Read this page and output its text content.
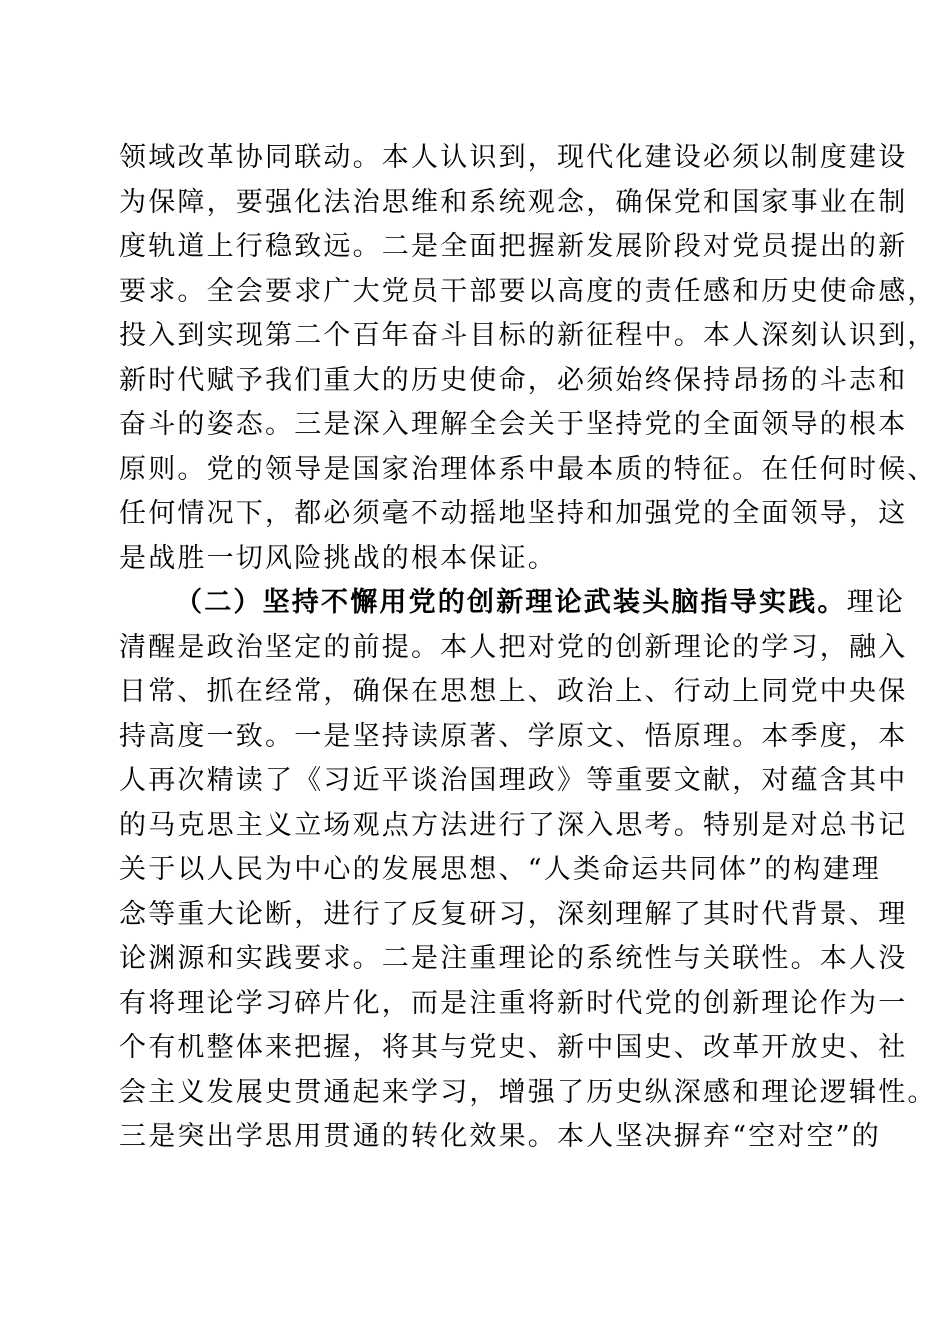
领域改革协同联动。本人认识到，现代化建设必须以制度建设
为保障，要强化法治思维和系统观念，确保党和国家事业在制
度轨道上行稳致远。二是全面把握新发展阶段对党员提出的新
要求。全会要求广大党员干部要以高度的责任感和历史使命感，
投入到实现第二个百年奋斗目标的新征程中。本人深刻认识到，
新时代赋予我们重大的历史使命，必须始终保持昂扬的斗志和
奋斗的姿态。三是深入理解全会关于坚持党的全面领导的根本
原则。党的领导是国家治理体系中最本质的特征。在任何时候、
任何情况下，都必须毫不动摇地坚持和加强党的全面领导，这
是战胜一切风险挑战的根本保证。
（二）坚持不懈用党的创新理论武装头脑指导实践。理论
清醒是政治坚定的前提。本人把对党的创新理论的学习，融入
日常、抓在经常，确保在思想上、政治上、行动上同党中央保
持高度一致。一是坚持读原著、学原文、悟原理。本季度，本
人再次精读了《习近平谈治国理政》等重要文献，对蕴含其中
的马克思主义立场观点方法进行了深入思考。特别是对总书记
关于以人民为中心的发展思想、“人类命运共同体”的构建理
念等重大论断，进行了反复研习，深刻理解了其时代背景、理
论渊源和实践要求。二是注重理论的系统性与关联性。本人没
有将理论学习碎片化，而是注重将新时代党的创新理论作为一
个有机整体来把握，将其与党史、新中国史、改革开放史、社
会主义发展史贯通起来学习，增强了历史纵深感和理论逻辑性。
三是突出学思用贯通的转化效果。本人坚决摒弃“空对空”的
